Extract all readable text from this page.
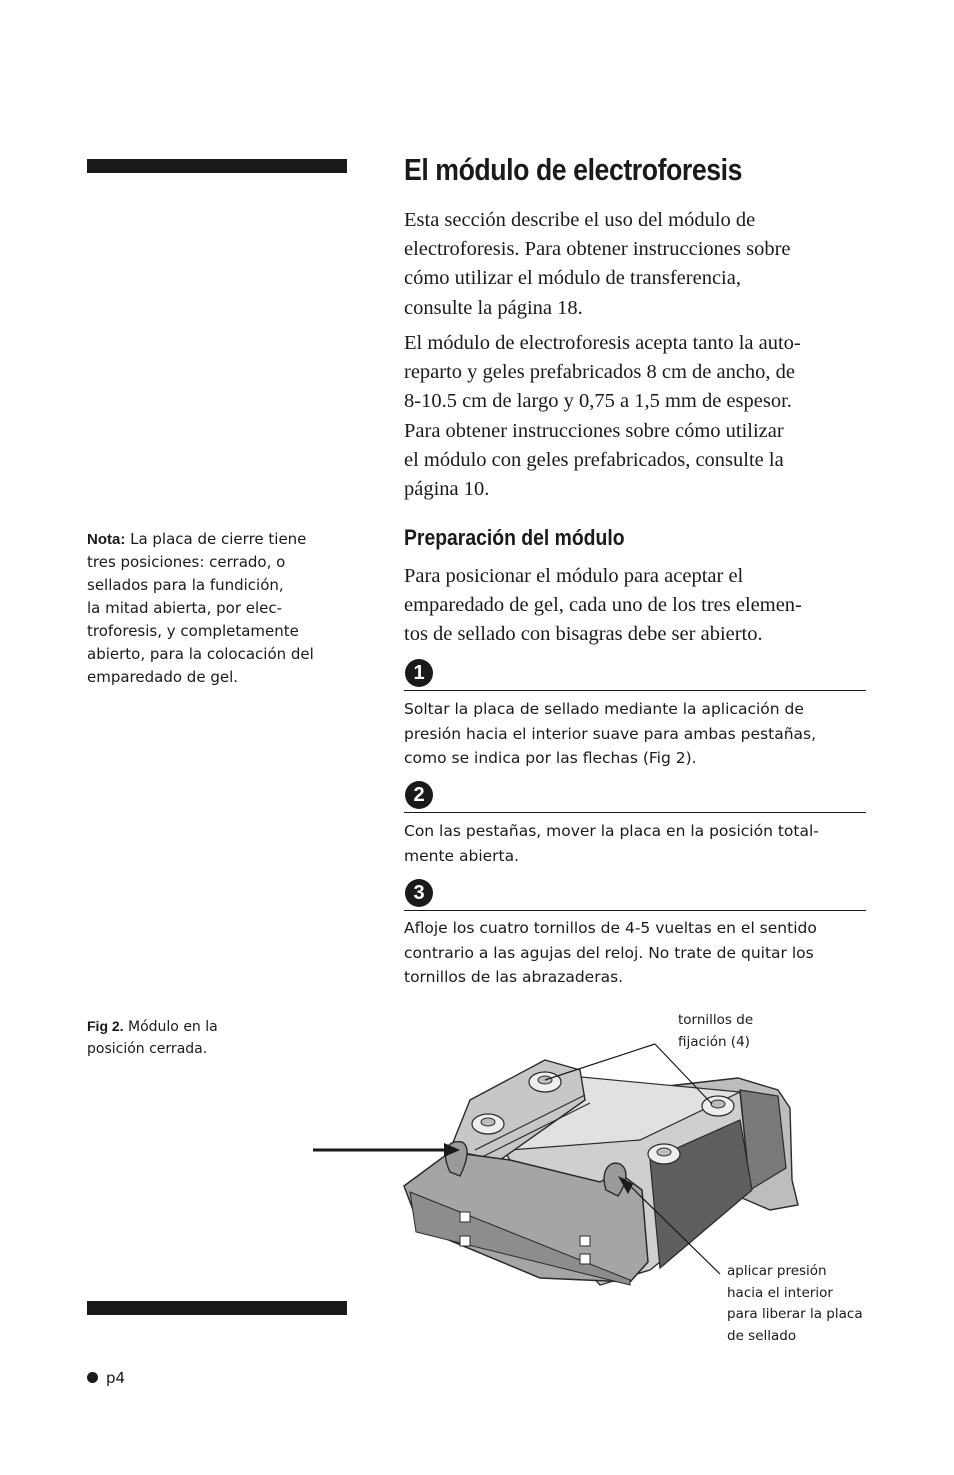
El módulo de electroforesis

Esta sección describe el uso del módulo de
electroforesis. Para obtener instrucciones sobre
cómo utilizar el módulo de transferencia,
consulte la página 18.

El módulo de electroforesis acepta tanto la auto-
reparto y geles prefabricados 8 cm de ancho, de
8-10.5 cm de largo y 0,75 a 1,5 mm de espesor.
Para obtener instrucciones sobre cómo utilizar
el módulo con geles prefabricados, consulte la
página 10.

Nota: La placa de cierre tiene
tres posiciones: cerrado, o
sellados para la fundición,
la mitad abierta, por elec-
troforesis, y completamente
abierto, para la colocación del
emparedado de gel.

Preparación del módulo

Para posicionar el módulo para aceptar el
emparedado de gel, cada uno de los tres elemen-
tos de sellado con bisagras debe ser abierto.

1

Soltar la placa de sellado mediante la aplicación de
presión hacia el interior suave para ambas pestañas,
como se indica por las flechas (Fig 2).

2

Con las pestañas, mover la placa en la posición total-
mente abierta.

3

Afloje los cuatro tornillos de 4-5 vueltas en el sentido
contrario a las agujas del reloj. No trate de quitar los
tornillos de las abrazaderas.

Fig 2. Módulo en la
posición cerrada.

tornillos de
fijación (4)

aplicar presión
hacia el interior
para liberar la placa
de sellado

p4
